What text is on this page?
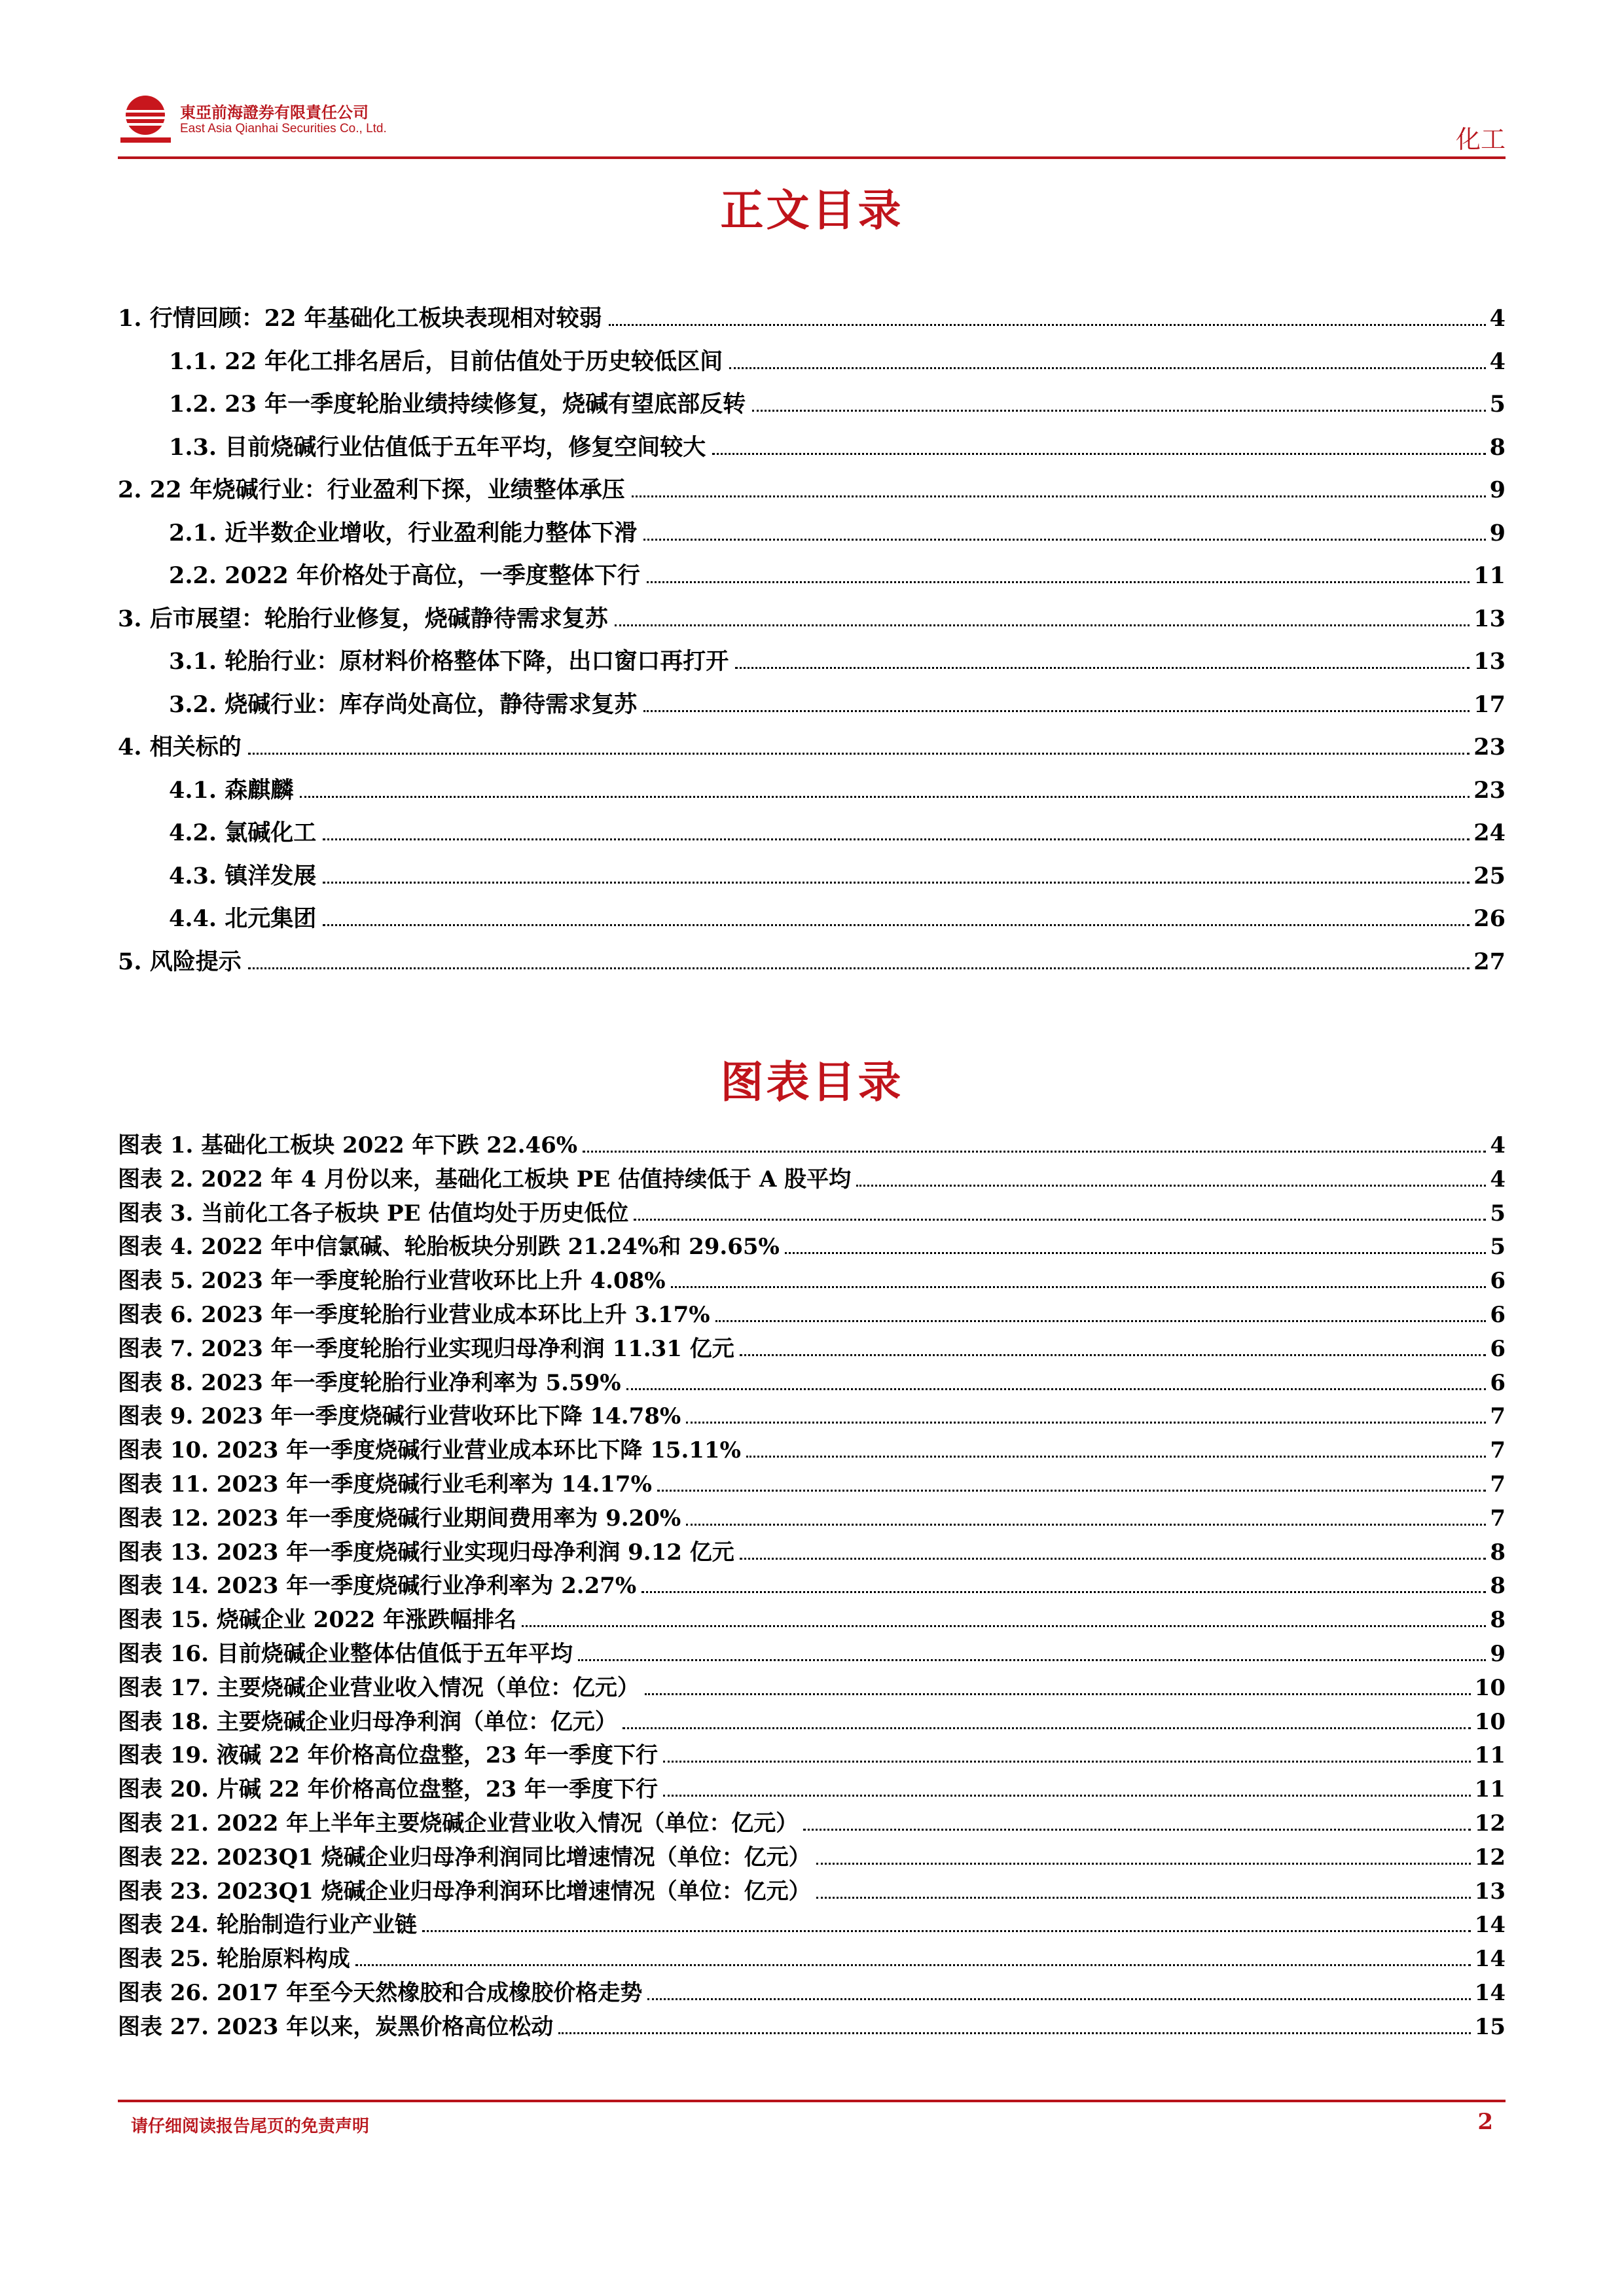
東亞前海證券有限責任公司
East Asia Qianhai Securities Co., Ltd.	化工
正文目录
1. 行情回顾：22 年基础化工板块表现相对较弱	4
1.1. 22 年化工排名居后，目前估值处于历史较低区间	4
1.2. 23 年一季度轮胎业绩持续修复，烧碱有望底部反转	5
1.3. 目前烧碱行业估值低于五年平均，修复空间较大	8
2. 22 年烧碱行业：行业盈利下探，业绩整体承压	9
2.1. 近半数企业增收，行业盈利能力整体下滑	9
2.2. 2022 年价格处于高位，一季度整体下行	11
3. 后市展望：轮胎行业修复，烧碱静待需求复苏	13
3.1. 轮胎行业：原材料价格整体下降，出口窗口再打开	13
3.2. 烧碱行业：库存尚处高位，静待需求复苏	17
4. 相关标的	23
4.1. 森麒麟	23
4.2. 氯碱化工	24
4.3. 镇洋发展	25
4.4. 北元集团	26
5. 风险提示	27
图表目录
图表 1. 基础化工板块 2022 年下跌 22.46%	4
图表 2. 2022 年 4 月份以来，基础化工板块 PE 估值持续低于 A 股平均	4
图表 3. 当前化工各子板块 PE 估值均处于历史低位	5
图表 4. 2022 年中信氯碱、轮胎板块分别跌 21.24%和 29.65%	5
图表 5. 2023 年一季度轮胎行业营收环比上升 4.08%	6
图表 6. 2023 年一季度轮胎行业营业成本环比上升 3.17%	6
图表 7. 2023 年一季度轮胎行业实现归母净利润 11.31 亿元	6
图表 8. 2023 年一季度轮胎行业净利率为 5.59%	6
图表 9. 2023 年一季度烧碱行业营收环比下降 14.78%	7
图表 10. 2023 年一季度烧碱行业营业成本环比下降 15.11%	7
图表 11. 2023 年一季度烧碱行业毛利率为 14.17%	7
图表 12. 2023 年一季度烧碱行业期间费用率为 9.20%	7
图表 13. 2023 年一季度烧碱行业实现归母净利润 9.12 亿元	8
图表 14. 2023 年一季度烧碱行业净利率为 2.27%	8
图表 15. 烧碱企业 2022 年涨跌幅排名	8
图表 16. 目前烧碱企业整体估值低于五年平均	9
图表 17. 主要烧碱企业营业收入情况（单位：亿元）	10
图表 18. 主要烧碱企业归母净利润（单位：亿元）	10
图表 19. 液碱 22 年价格高位盘整，23 年一季度下行	11
图表 20. 片碱 22 年价格高位盘整，23 年一季度下行	11
图表 21. 2022 年上半年主要烧碱企业营业收入情况（单位：亿元）	12
图表 22. 2023Q1 烧碱企业归母净利润同比增速情况（单位：亿元）	12
图表 23. 2023Q1 烧碱企业归母净利润环比增速情况（单位：亿元）	13
图表 24. 轮胎制造行业产业链	14
图表 25. 轮胎原料构成	14
图表 26. 2017 年至今天然橡胶和合成橡胶价格走势	14
图表 27. 2023 年以来，炭黑价格高位松动	15
请仔细阅读报告尾页的免责声明	2
